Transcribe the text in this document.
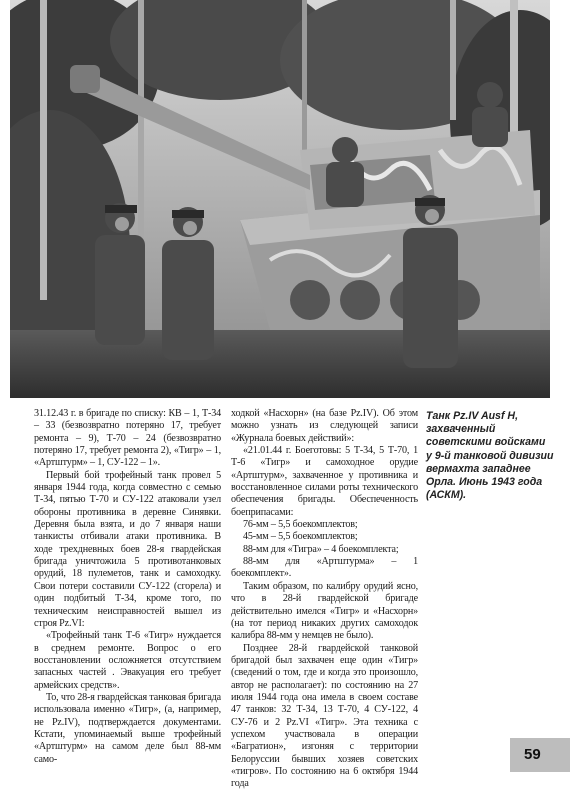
31.12.43 г. в бригаде по списку: КВ – 1, Т-34 – 33 (безвозвратно потеряно 17, требует ремонта – 9), Т-70 – 24 (безвозвратно потеряно 17, требует ремонта 2), «Тигр» – 1, «Артштурм» – 1, СУ-122 – 1».

Первый бой трофейный танк провел 5 января 1944 года, когда совместно с семью Т-34, пятью Т-70 и СУ-122 атаковали узел обороны противника в деревне Синявки. Деревня была взята, и до 7 января наши танкисты отбивали атаки противника. В ходе трехдневных боев 28-я гвардейская бригада уничтожила 5 противотанковых орудий, 18 пулеметов, танк и самоходку. Свои потери составили СУ-122 (сгорела) и один подбитый Т-34, кроме того, по техническим неисправностей вышел из строя Pz.VI:

«Трофейный танк Т-6 «Тигр» нуждается в среднем ремонте. Вопрос о его восстановлении осложняется отсутствием запасных частей . Эвакуация его требует армейских средств».

То, что 28-я гвардейская танковая бригада использовала именно «Тигр», (а, например, не Pz.IV), подтверждается документами. Кстати, упоминаемый выше трофейный «Артштурм» на самом деле был 88-мм само-

ходкой «Насхорн» (на базе Pz.IV). Об этом можно узнать из следующей записи «Журнала боевых действий»:

«21.01.44 г. Боеготовы: 5 Т-34, 5 Т-70, 1 Т-6 «Тигр» и самоходное орудие «Артштурм», захваченное у противника и восстановленное силами роты технического обеспечения бригады. Обеспеченность боеприпасами:

76-мм – 5,5 боекомплектов;

45-мм – 5,5 боекомплектов;

88-мм для «Тигра» – 4 боекомплекта;

88-мм для «Артштурма» – 1 боекомплект».

Таким образом, по калибру орудий ясно, что в 28-й гвардейской бригаде действительно имелся «Тигр» и «Насхорн» (на тот период никаких других самоходок калибра 88-мм у немцев не было).

Позднее 28-й гвардейской танковой бригадой был захвачен еще один «Тигр» (сведений о том, где и когда это произошло, автор не располагает): по состоянию на 27 июля 1944 года она имела в своем составе 47 танков: 32 Т-34, 13 Т-70, 4 СУ-122, 4 СУ-76 и 2 Pz.VI «Тигр». Эта техника с успехом участвовала в операции «Багратион», изгоняя с территории Белоруссии бывших хозяев советских «тигров». По состоянию на 6 октября 1944 года

Танк Pz.IV Ausf H, захваченный советскими войсками у 9-й танковой дивизии вермахта западнее Орла. Июнь 1943 года (АСКМ).
59
